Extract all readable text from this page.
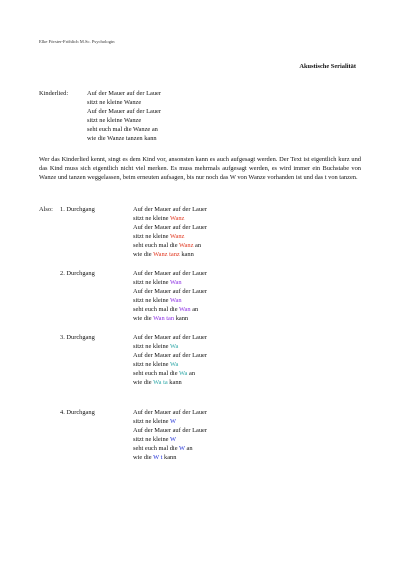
Elke Förster-Fröhlich M.Sc. Psychologin
Akustische Serialität
Kinderlied:	Auf der Mauer auf der Lauer
sitzt ne kleine Wanze
Auf der Mauer auf der Lauer
sitzt ne kleine Wanze
seht euch mal die Wanze an
wie die Wanze tanzen kann
Wer das Kinderlied kennt, singt es dem Kind vor, ansonsten kann es auch aufgesagt werden. Der Text ist eigentlich kurz und das Kind muss sich eigentlich nicht viel merken. Es muss mehrmals aufgesagt werden, es wird immer ein Buchstabe von Wanze und tanzen weggelassen, beim erneuten aufsagen, bis nur noch das W von Wanze vorhanden ist und das t von tanzen.
Also: 1. Durchgang	Auf der Mauer auf der Lauer
sitzt ne kleine Wanz
Auf der Mauer auf der Lauer
sitzt ne kleine Wanz
seht euch mal die Wanz an
wie die Wanz tanz kann
2. Durchgang	Auf der Mauer auf der Lauer
sitzt ne kleine Wan
Auf der Mauer auf der Lauer
sitzt ne kleine Wan
seht euch mal die Wan an
wie die Wan tan kann
3. Durchgang	Auf der Mauer auf der Lauer
sitzt ne kleine Wa
Auf der Mauer auf der Lauer
sitzt ne kleine Wa
seht euch mal die Wa an
wie die Wa ta kann
4. Durchgang	Auf der Mauer auf der Lauer
sitzt ne kleine W
Auf der Mauer auf der Lauer
sitzt ne kleine W
seht euch mal die W an
wie die W t kann
